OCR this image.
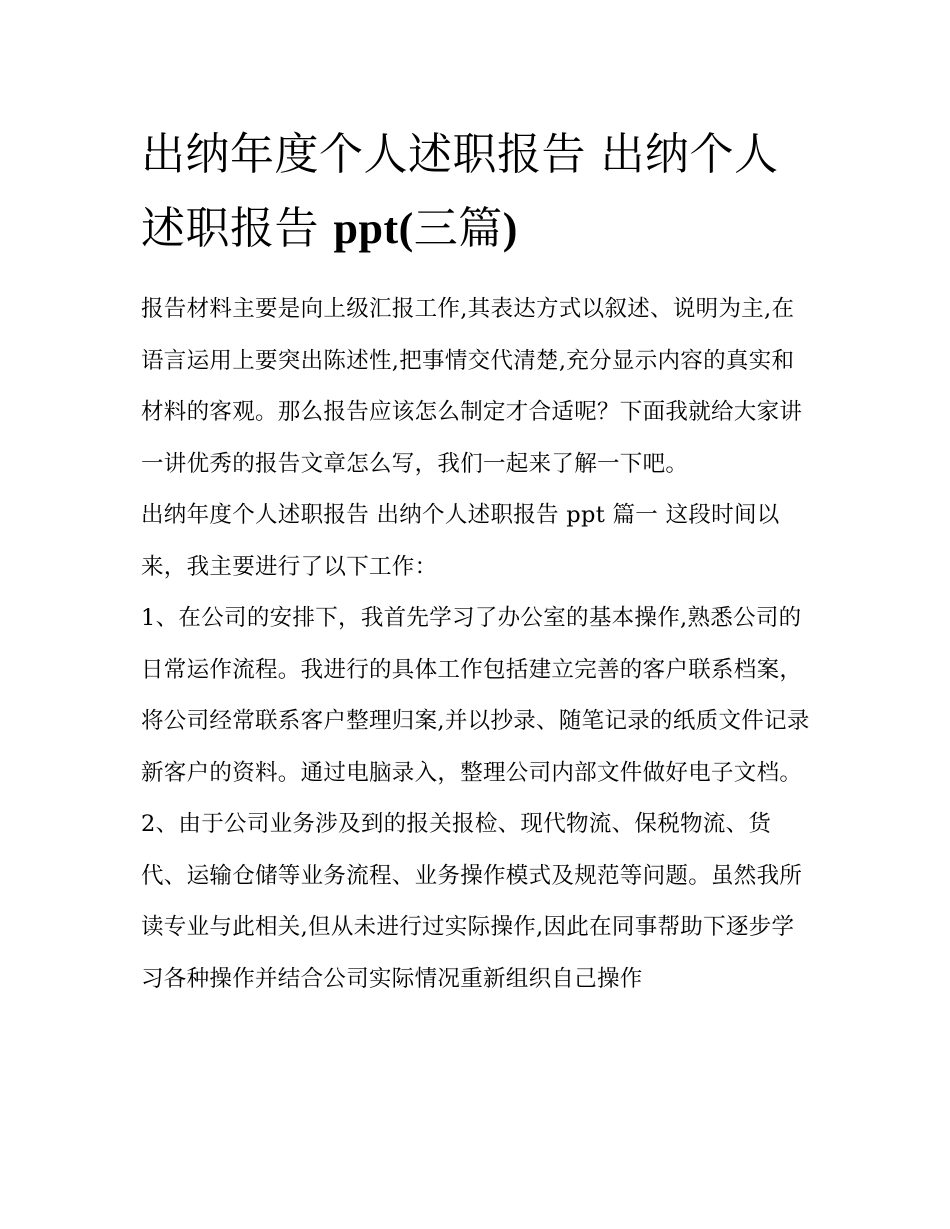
出纳年度个人述职报告 出纳个人述职报告 ppt(三篇)

报告材料主要是向上级汇报工作,其表达方式以叙述、说明为主,在语言运用上要突出陈述性,把事情交代清楚,充分显示内容的真实和材料的客观。那么报告应该怎么制定才合适呢？下面我就给大家讲一讲优秀的报告文章怎么写，我们一起来了解一下吧。

出纳年度个人述职报告 出纳个人述职报告 ppt 篇一 这段时间以来，我主要进行了以下工作：

1、在公司的安排下，我首先学习了办公室的基本操作,熟悉公司的日常运作流程。我进行的具体工作包括建立完善的客户联系档案，将公司经常联系客户整理归案,并以抄录、随笔记录的纸质文件记录新客户的资料。通过电脑录入，整理公司内部文件做好电子文档。

2、由于公司业务涉及到的报关报检、现代物流、保税物流、货代、运输仓储等业务流程、业务操作模式及规范等问题。虽然我所读专业与此相关,但从未进行过实际操作,因此在同事帮助下逐步学习各种操作并结合公司实际情况重新组织自己操作
